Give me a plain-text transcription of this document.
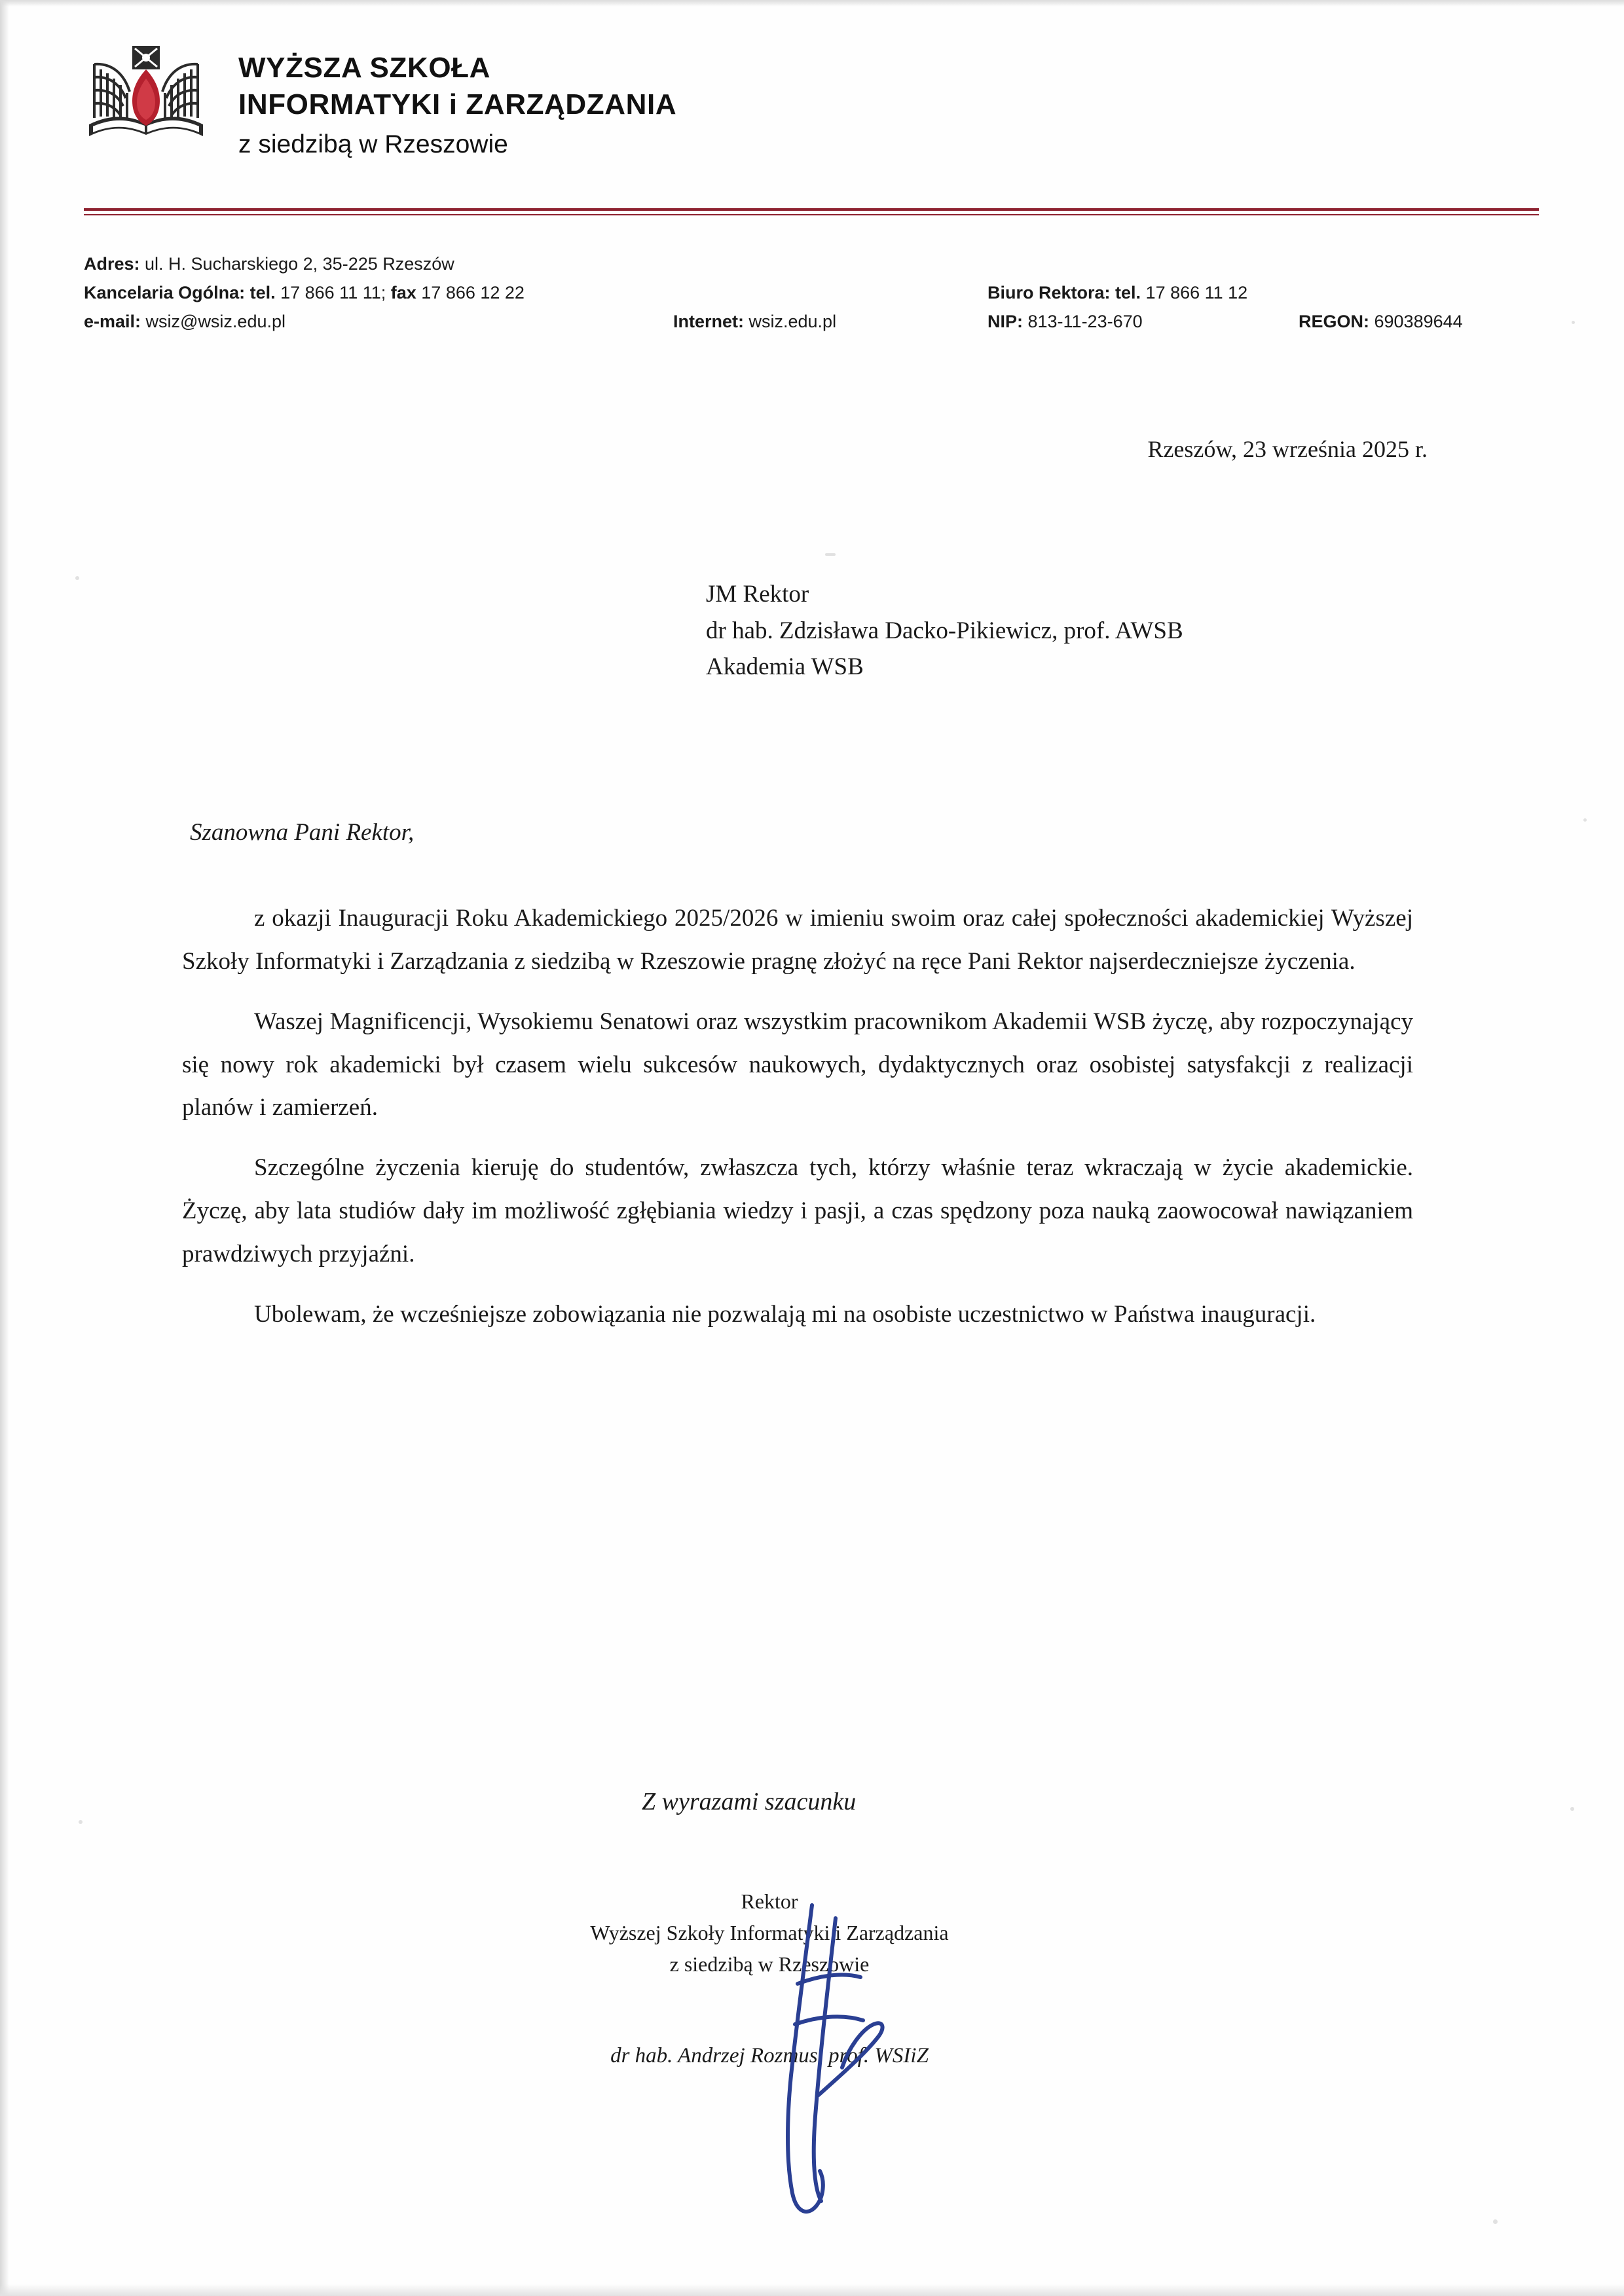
WYŻSZA SZKOŁA
INFORMATYKI i ZARZĄDZANIA
z siedzibą w Rzeszowie
Adres: ul. H. Sucharskiego 2, 35-225 Rzeszów
Kancelaria Ogólna: tel. 17 866 11 11; fax 17 866 12 22	Biuro Rektora: tel. 17 866 11 12
e-mail: wsiz@wsiz.edu.pl	Internet: wsiz.edu.pl	NIP: 813-11-23-670	REGON: 690389644
Rzeszów, 23 września 2025 r.
JM Rektor
dr hab. Zdzisława Dacko-Pikiewicz, prof. AWSB
Akademia WSB
Szanowna Pani Rektor,

z okazji Inauguracji Roku Akademickiego 2025/2026 w imieniu swoim oraz całej społeczności akademickiej Wyższej Szkoły Informatyki i Zarządzania z siedzibą w Rzeszowie pragnę złożyć na ręce Pani Rektor najserdeczniejsze życzenia.

Waszej Magnificencji, Wysokiemu Senatowi oraz wszystkim pracownikom Akademii WSB życzę, aby rozpoczynający się nowy rok akademicki był czasem wielu sukcesów naukowych, dydaktycznych oraz osobistej satysfakcji z realizacji planów i zamierzeń.

Szczególne życzenia kieruję do studentów, zwłaszcza tych, którzy właśnie teraz wkraczają w życie akademickie. Życzę, aby lata studiów dały im możliwość zgłębiania wiedzy i pasji, a czas spędzony poza nauką zaowocował nawiązaniem prawdziwych przyjaźni.

Ubolewam, że wcześniejsze zobowiązania nie pozwalają mi na osobiste uczestnictwo w Państwa inauguracji.

Z wyrazami szacunku
Rektor
Wyższej Szkoły Informatyki i Zarządzania
z siedzibą w Rzeszowie
dr hab. Andrzej Rozmus, prof. WSIiZ
